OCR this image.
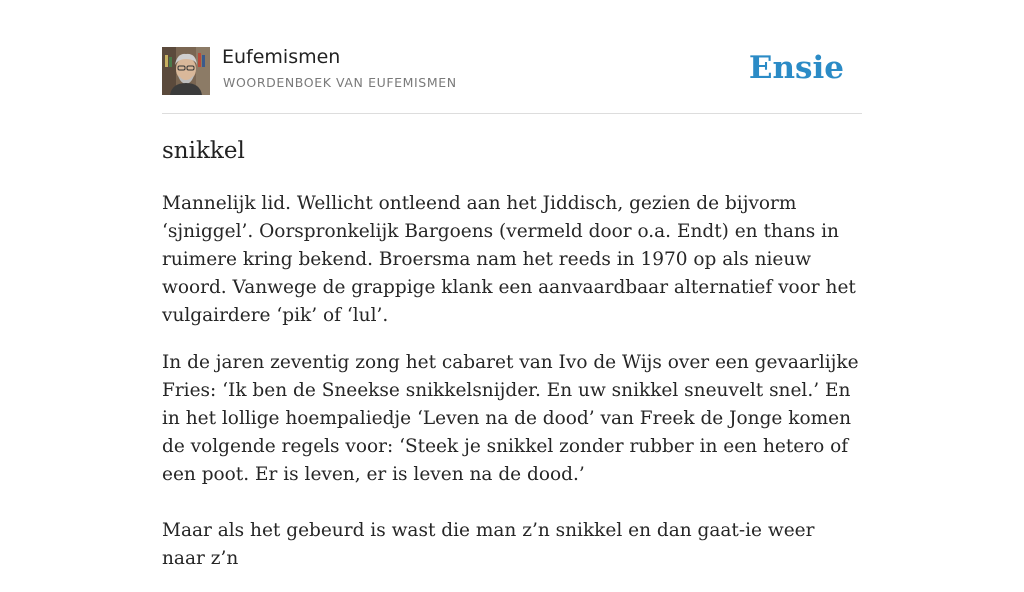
Eufemismen
WOORDENBOEK VAN EUFEMISMEN	Ensie
snikkel

Mannelijk lid. Wellicht ontleend aan het Jiddisch, gezien de bijvorm ‘sjniggel’. Oorspronkelijk Bargoens (vermeld door o.a. Endt) en thans in ruimere kring bekend. Broersma nam het reeds in 1970 op als nieuw woord. Vanwege de grappige klank een aanvaardbaar alternatief voor het vulgairdere ‘pik’ of ‘lul’.

In de jaren zeventig zong het cabaret van Ivo de Wijs over een gevaarlijke Fries: ‘Ik ben de Sneekse snikkelsnijder. En uw snikkel sneuvelt snel.’ En in het lollige hoempaliedje ‘Leven na de dood’ van Freek de Jonge komen de volgende regels voor: ‘Steek je snikkel zonder rubber in een hetero of een poot. Er is leven, er is leven na de dood.’

Maar als het gebeurd is wast die man z’n snikkel en dan gaat-ie weer naar z’n
